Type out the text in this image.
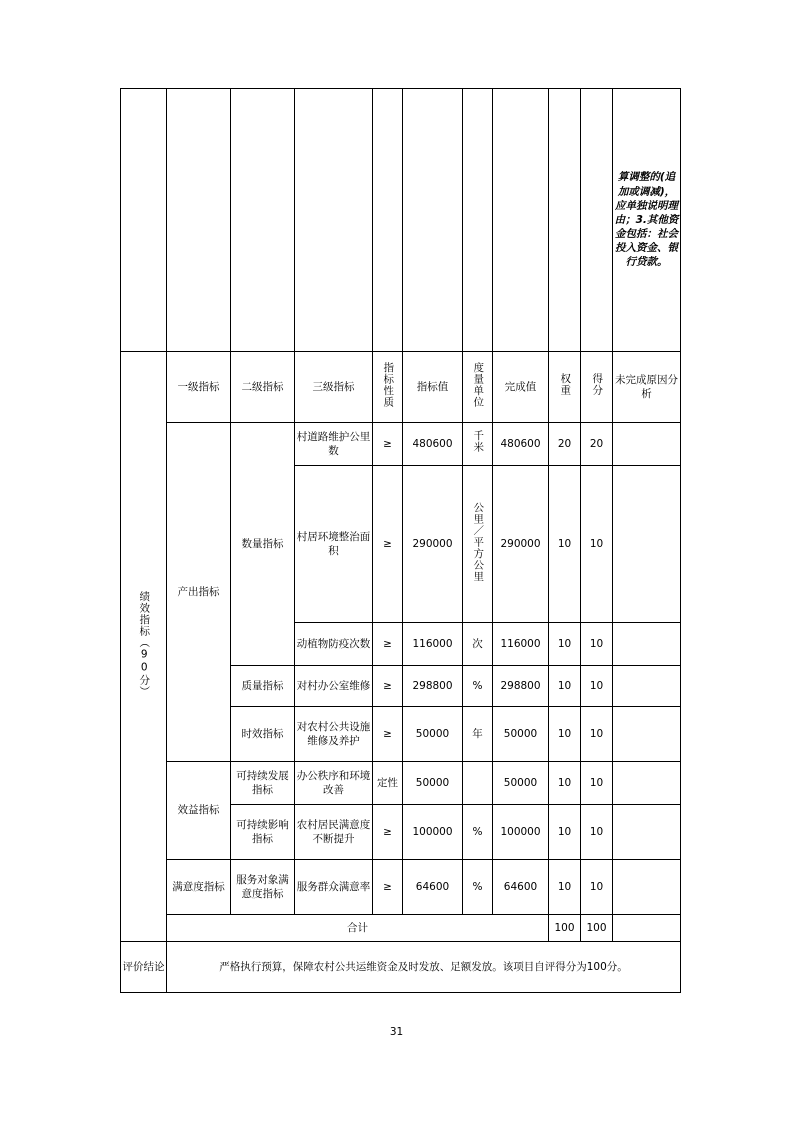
										算调整的(追加或调减)，应单独说明理由；3.其他资金包括：社会投入资金、银行贷款。
绩效指标（90分）	一级指标	二级指标	三级指标	指标性质	指标值	度量单位	完成值	权重	得分	未完成原因分析
	产出指标	数量指标	村道路维护公里数	≥	480600	千米	480600	20	20	
			村居环境整治面积	≥	290000	公里／平方公里	290000	10	10	
			动植物防疫次数	≥	116000	次	116000	10	10	
		质量指标	对村办公室维修	≥	298800	%	298800	10	10	
		时效指标	对农村公共设施维修及养护	≥	50000	年	50000	10	10	
	效益指标	可持续发展指标	办公秩序和环境改善	定性	50000		50000	10	10	
		可持续影响指标	农村居民满意度不断提升	≥	100000	%	100000	10	10	
	满意度指标	服务对象满意度指标	服务群众满意率	≥	64600	%	64600	10	10	
	合计							100	100	
评价结论	严格执行预算，保障农村公共运维资金及时发放、足额发放。该项目自评得分为100分。									
31
